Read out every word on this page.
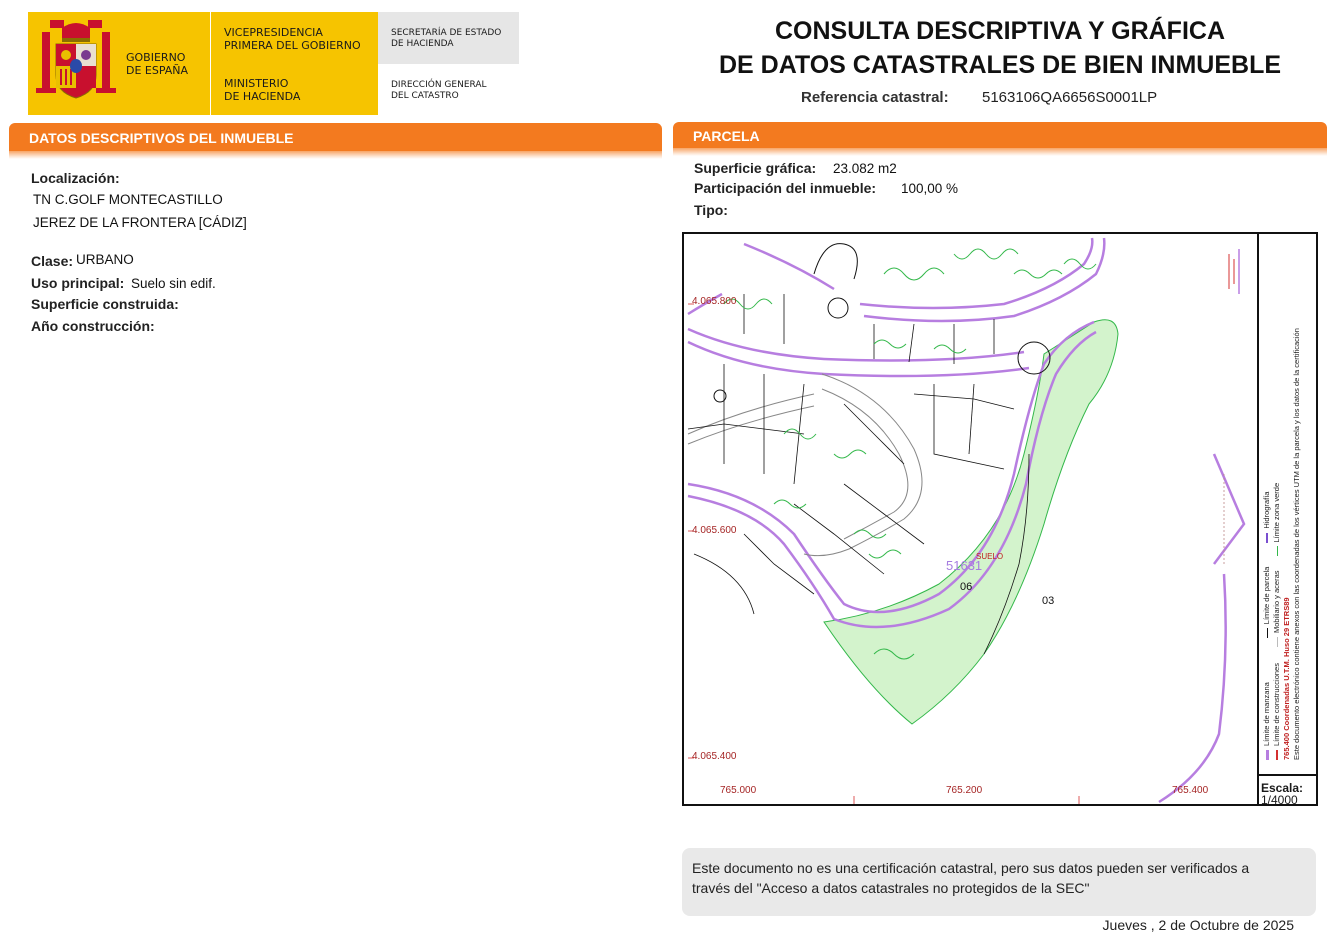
GOBIERNO
DE ESPAÑA
VICEPRESIDENCIA
PRIMERA DEL GOBIERNO
MINISTERIO
DE HACIENDA
SECRETARÍA DE ESTADO
DE HACIENDA
DIRECCIÓN GENERAL
DEL CATASTRO
CONSULTA DESCRIPTIVA Y GRÁFICA
DE DATOS CATASTRALES DE BIEN INMUEBLE
Referencia catastral: 5163106QA6656S0001LP
DATOS DESCRIPTIVOS DEL INMUEBLE
Localización:
TN C.GOLF MONTECASTILLO
JEREZ DE LA FRONTERA [CÁDIZ]
Clase: URBANO
Uso principal: Suelo sin edif.
Superficie construida:
Año construcción:
PARCELA
Superficie gráfica: 23.082 m2
Participación del inmueble: 100,00 %
Tipo:
4.065.800
4.065.600
4.065.400
765.000	765.200	765.400
51631
SUELO
06
03
Escala:
1/4000
Límite de manzana
Límite de parcela
Hidrografía
Límite de construcciones
Mobiliario y aceras
Límite zona verde
765.400 Coordenadas U.T.M. Huso 29 ETRS89 Este documento electrónico contiene anexos con las coordenadas de los vértices UTM de la parcela y los datos de la certificación
Este documento no es una certificación catastral, pero sus datos pueden ser verificados a
través del "Acceso a datos catastrales no protegidos de la SEC"
Jueves , 2 de Octubre de 2025
